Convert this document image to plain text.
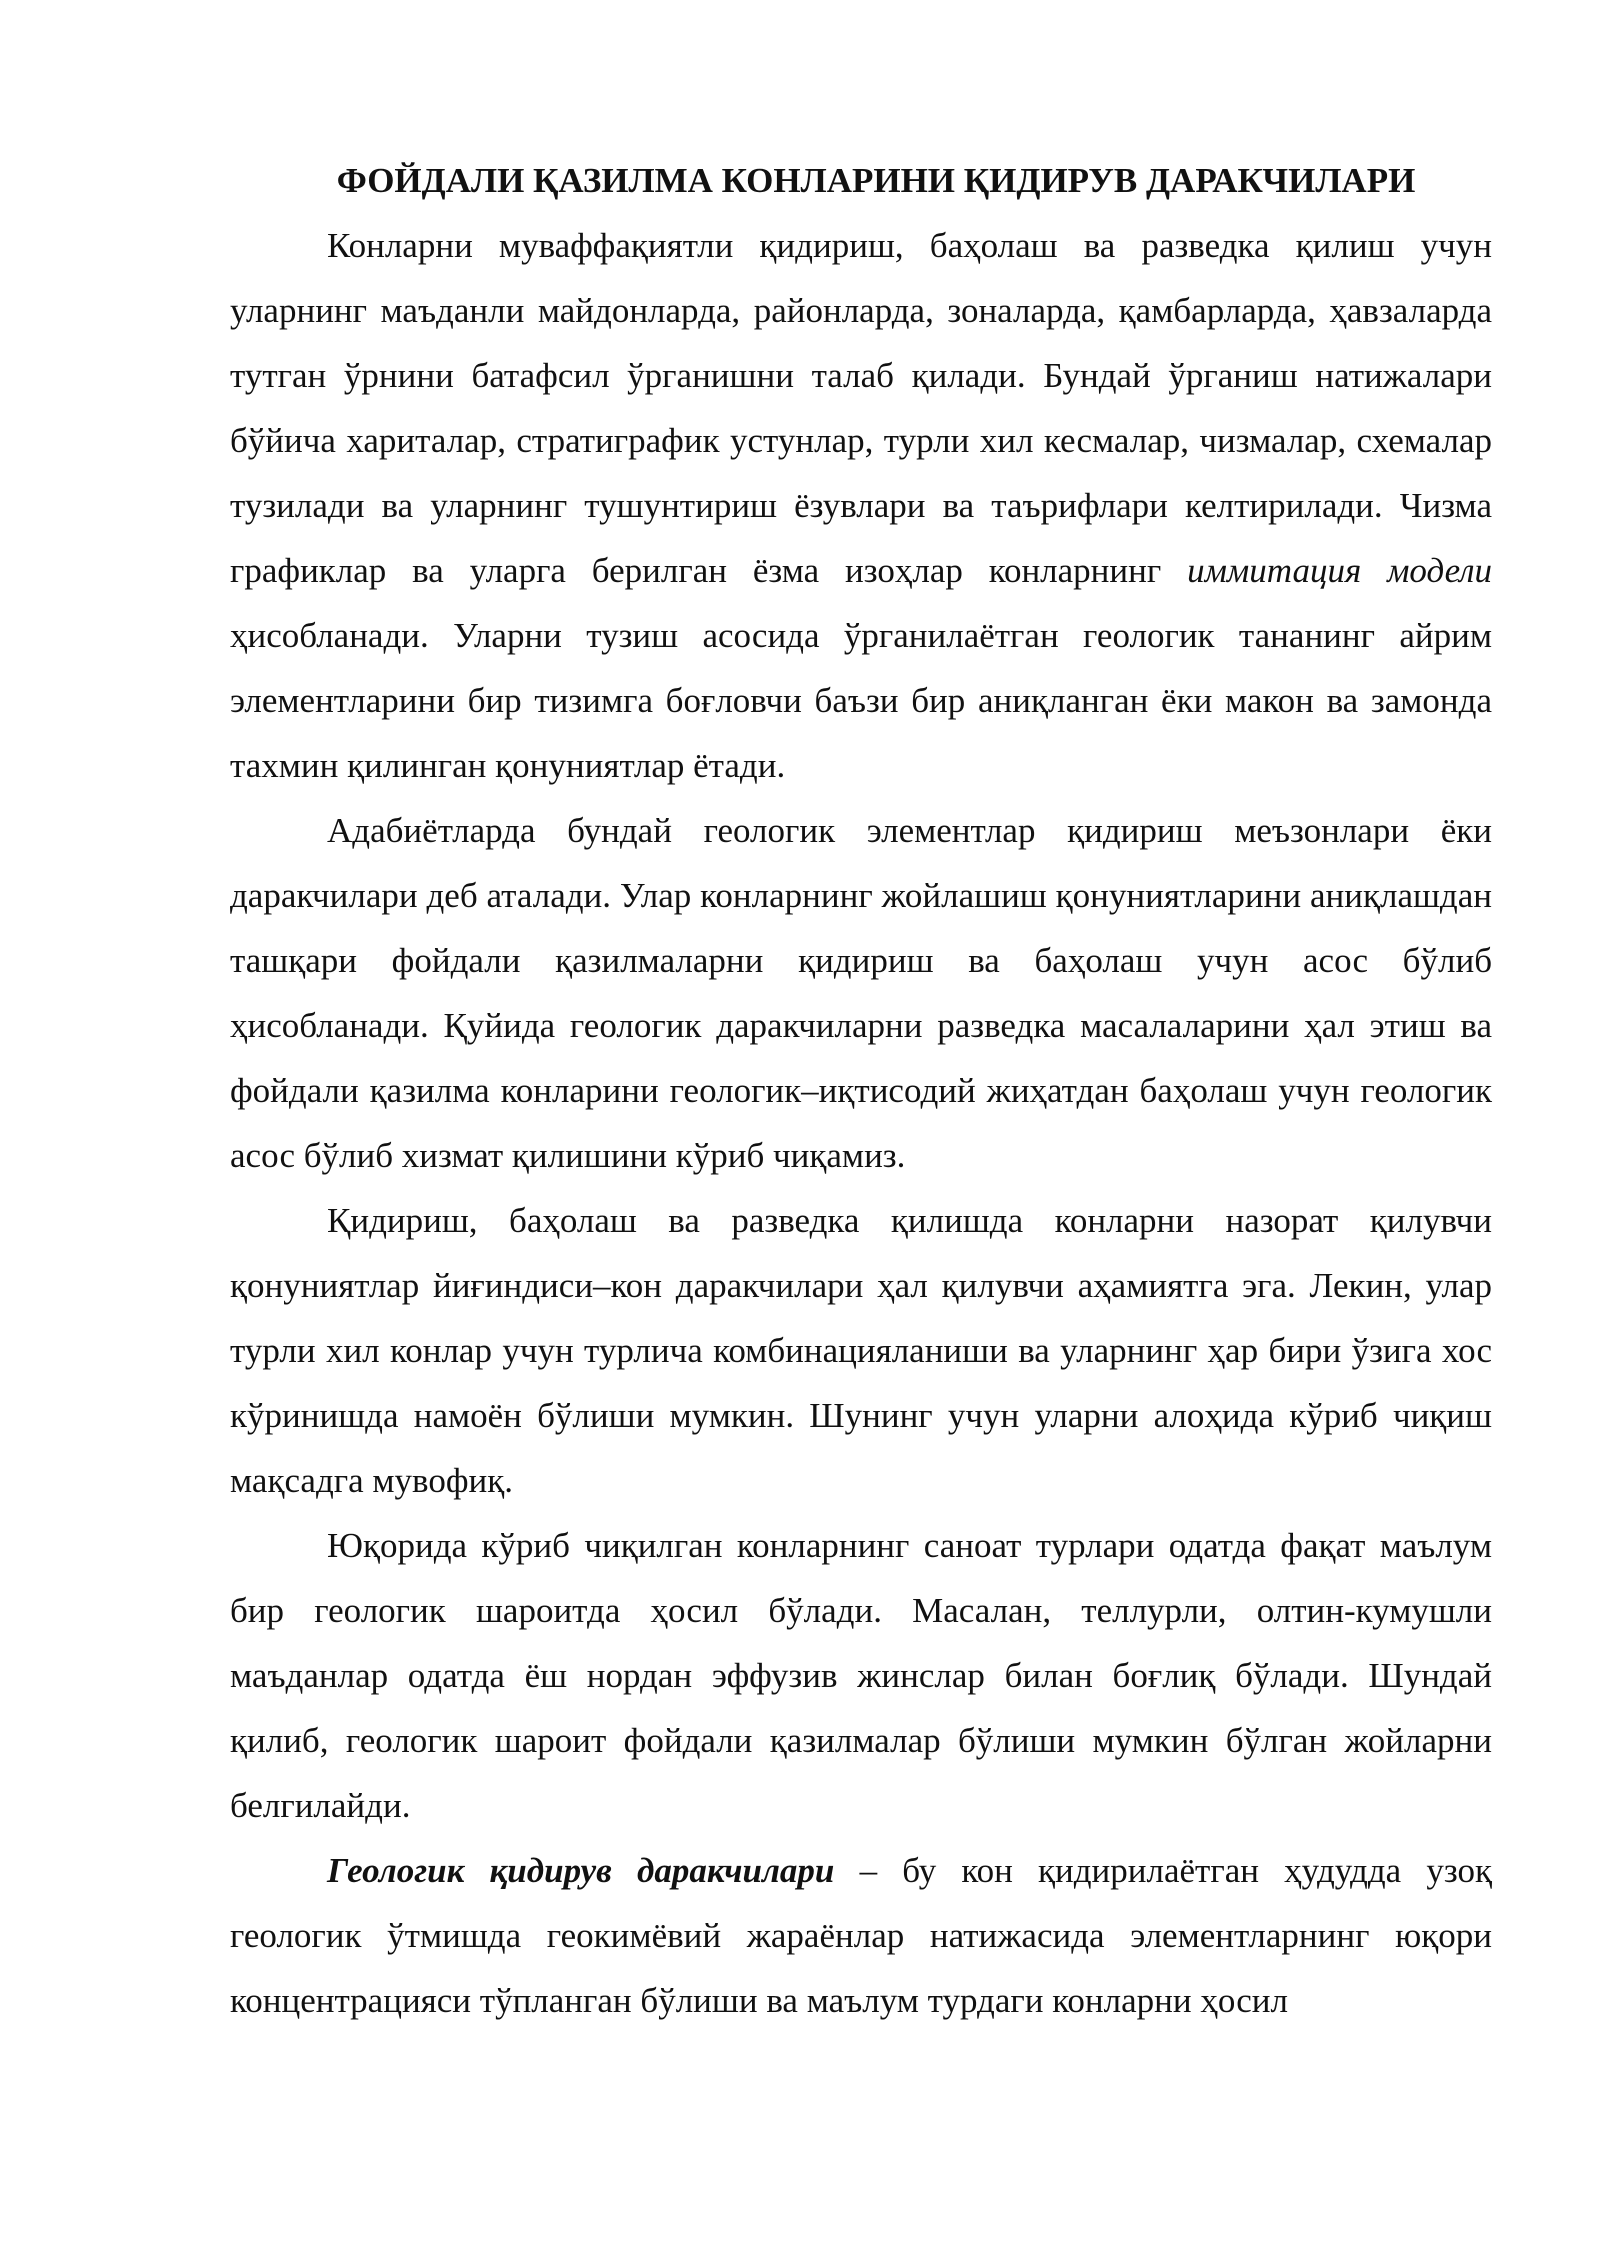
ФОЙДАЛИ ҚАЗИЛМА КОНЛАРИНИ ҚИДИРУВ ДАРАКЧИЛАРИ

Конларни муваффақиятли қидириш, баҳолаш ва разведка қилиш учун уларнинг маъданли майдонларда, районларда, зоналарда, қамбарларда, ҳавзаларда тутган ўрнини батафсил ўрганишни талаб қилади. Бундай ўрганиш натижалари бўйича хариталар, стратиграфик устунлар, турли хил кесмалар, чизмалар, схемалар тузилади ва уларнинг тушунтириш ёзувлари ва таърифлари келтирилади. Чизма графиклар ва уларга берилган ёзма изоҳлар конларнинг иммитация модели ҳисобланади. Уларни тузиш асосида ўрганилаётган геологик тананинг айрим элементларини бир тизимга боғловчи баъзи бир аниқланган ёки макон ва замонда тахмин қилинган қонуниятлар ётади.

Адабиётларда бундай геологик элементлар қидириш меъзонлари ёки даракчилари деб аталади. Улар конларнинг жойлашиш қонуниятларини аниқлашдан ташқари фойдали қазилмаларни қидириш ва баҳолаш учун асос бўлиб ҳисобланади. Қуйида геологик даракчиларни разведка масалаларини ҳал этиш ва фойдали қазилма конларини геологик–иқтисодий жиҳатдан баҳолаш учун геологик асос бўлиб хизмат қилишини кўриб чиқамиз.

Қидириш, баҳолаш ва разведка қилишда конларни назорат қилувчи қонуниятлар йиғиндиси–кон даракчилари ҳал қилувчи аҳамиятга эга. Лекин, улар турли хил конлар учун турлича комбинацияланиши ва уларнинг ҳар бири ўзига хос кўринишда намоён бўлиши мумкин. Шунинг учун уларни алоҳида кўриб чиқиш мақсадга мувофиқ.

Юқорида кўриб чиқилган конларнинг саноат турлари одатда фақат маълум бир геологик шароитда ҳосил бўлади. Масалан, теллурли, олтин-кумушли маъданлар одатда ёш нордан эффузив жинслар билан боғлиқ бўлади. Шундай қилиб, геологик шароит фойдали қазилмалар бўлиши мумкин бўлган жойларни белгилайди.

Геологик қидирув даракчилари – бу кон қидирилаётган ҳудудда узоқ геологик ўтмишда геокимёвий жараёнлар натижасида элементларнинг юқори концентрацияси тўпланган бўлиши ва маълум турдаги конларни ҳосил
